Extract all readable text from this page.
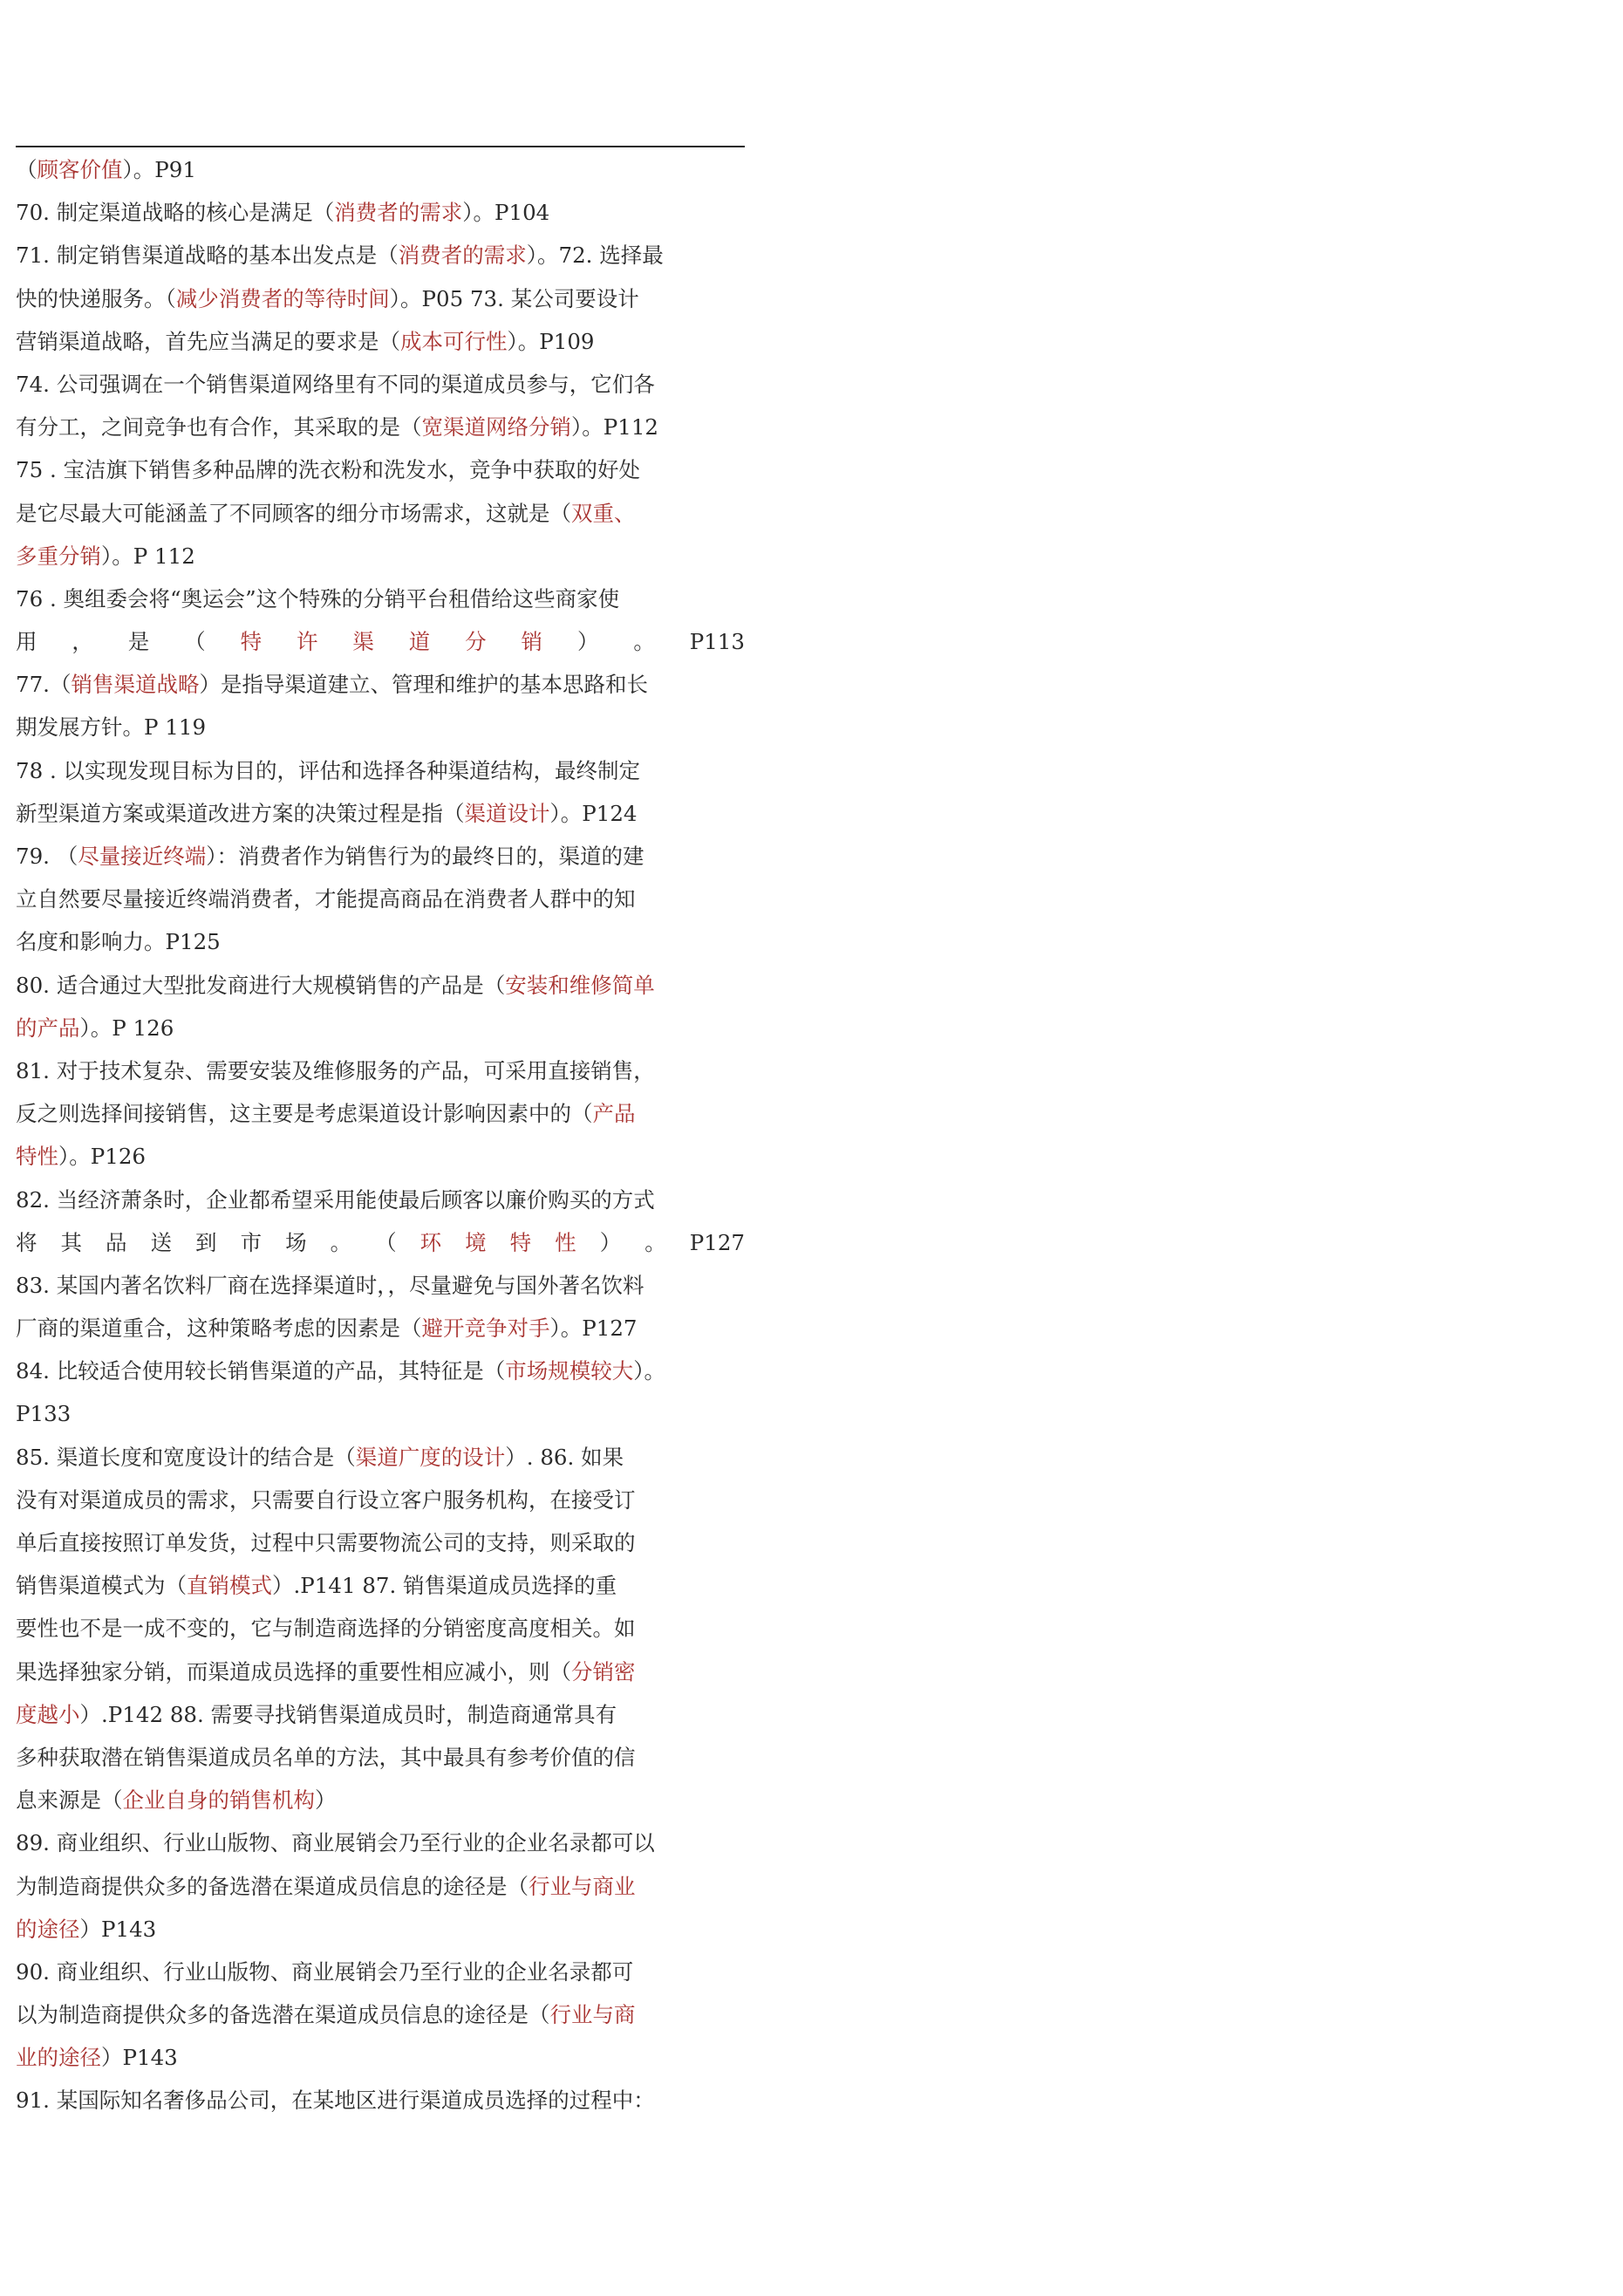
（顾客价值）。P91
70. 制定渠道战略的核心是满足（消费者的需求）。P104
71. 制定销售渠道战略的基本出发点是（消费者的需求）。72. 选择最
快的快递服务。（减少消费者的等待时间）。P05 73. 某公司要设计
营销渠道战略，首先应当满足的要求是（成本可行性）。P109
74. 公司强调在一个销售渠道网络里有不同的渠道成员参与，它们各
有分工，之间竞争也有合作，其采取的是（宽渠道网络分销）。P112
75 . 宝洁旗下销售多种品牌的洗衣粉和洗发水，竞争中获取的好处
是它尽最大可能涵盖了不同顾客的细分市场需求，这就是（双重、
多重分销）。P 112
76 . 奥组委会将“奥运会”这个特殊的分销平台租借给这些商家使
用 ， 是 （ 特 许 渠 道 分 销 ） 。 P113
77.（销售渠道战略）是指导渠道建立、管理和维护的基本思路和长
期发展方针。P 119
78 . 以实现发现目标为目的，评估和选择各种渠道结构，最终制定
新型渠道方案或渠道改进方案的决策过程是指（渠道设计）。P124
79. （尽量接近终端）：消费者作为销售行为的最终日的，渠道的建
立自然要尽量接近终端消费者，才能提高商品在消费者人群中的知
名度和影响力。P125
80. 适合通过大型批发商进行大规模销售的产品是（安装和维修简单
的产品）。P 126
81. 对于技术复杂、需要安装及维修服务的产品，可采用直接销售，
反之则选择间接销售，这主要是考虑渠道设计影响因素中的（产品
特性）。P126
82. 当经济萧条时，企业都希望采用能使最后顾客以廉价购买的方式
将 其 品 送 到 市 场 。 （ 环 境 特 性 ） 。 P127
83. 某国内著名饮料厂商在选择渠道时，，尽量避免与国外著名饮料
厂商的渠道重合，这种策略考虑的因素是（避开竞争对手）。P127
84. 比较适合使用较长销售渠道的产品，其特征是（市场规模较大）。
P133
85. 渠道长度和宽度设计的结合是（渠道广度的设计）. 86. 如果
没有对渠道成员的需求，只需要自行设立客户服务机构，在接受订
单后直接按照订单发货，过程中只需要物流公司的支持，则采取的
销售渠道模式为（直销模式）.P141 87. 销售渠道成员选择的重
要性也不是一成不变的，它与制造商选择的分销密度高度相关。如
果选择独家分销，而渠道成员选择的重要性相应减小，则（分销密
度越小）.P142 88. 需要寻找销售渠道成员时，制造商通常具有
多种获取潜在销售渠道成员名单的方法，其中最具有参考价值的信
息来源是（企业自身的销售机构）
89. 商业组织、行业山版物、商业展销会乃至行业的企业名录都可以
为制造商提供众多的备选潜在渠道成员信息的途径是（行业与商业
的途径）P143
90. 商业组织、行业山版物、商业展销会乃至行业的企业名录都可
以为制造商提供众多的备选潜在渠道成员信息的途径是（行业与商
业的途径）P143
91. 某国际知名奢侈品公司，在某地区进行渠道成员选择的过程中：
